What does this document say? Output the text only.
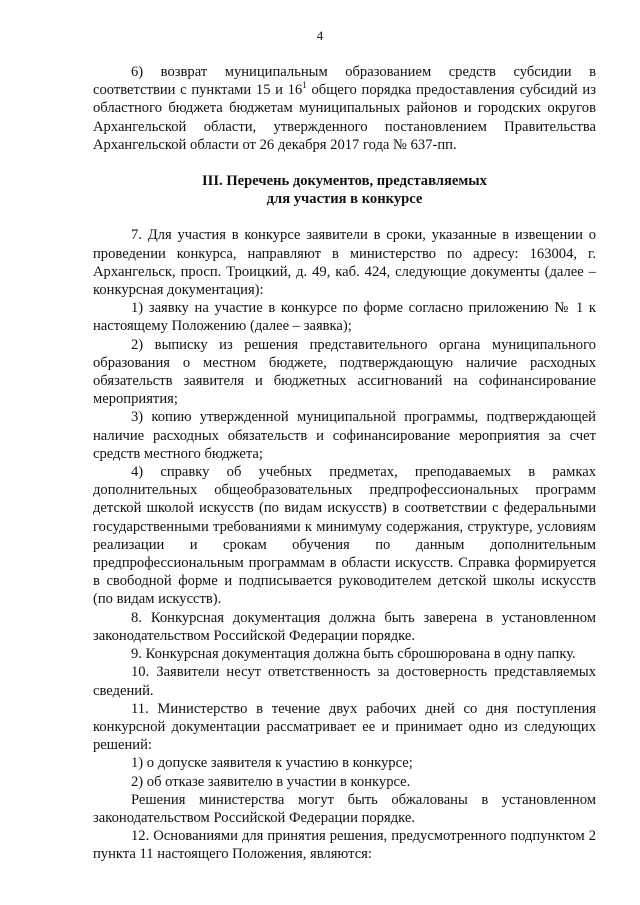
4

6) возврат муниципальным образованием средств субсидии в соответствии с пунктами 15 и $16^1$ общего порядка предоставления субсидий из областного бюджета бюджетам муниципальных районов и городских округов Архангельской области, утвержденного постановлением Правительства Архангельской области от 26 декабря 2017 года № 637-пп.

III. Перечень документов, представляемых

для участия в конкурсе

7. Для участия в конкурсе заявители в сроки, указанные в извещении о проведении конкурса, направляют в министерство по адресу: 163004, г. Архангельск, просп. Троицкий, д. 49, каб. 424, следующие документы (далее – конкурсная документация):

1) заявку на участие в конкурсе по форме согласно приложению № 1 к настоящему Положению (далее – заявка);

2) выписку из решения представительного органа муниципального образования о местном бюджете, подтверждающую наличие расходных обязательств заявителя и бюджетных ассигнований на софинансирование мероприятия;

3) копию утвержденной муниципальной программы, подтверждающей наличие расходных обязательств и софинансирование мероприятия за счет средств местного бюджета;

4) справку об учебных предметах, преподаваемых в рамках дополнительных общеобразовательных предпрофессиональных программ детской школой искусств (по видам искусств) в соответствии с федеральными государственными требованиями к минимуму содержания, структуре, условиям реализации и срокам обучения по данным дополнительным предпрофессиональным программам в области искусств. Справка формируется в свободной форме и подписывается руководителем детской школы искусств (по видам искусств).

8. Конкурсная документация должна быть заверена в установленном законодательством Российской Федерации порядке.

9. Конкурсная документация должна быть сброшюрована в одну папку.

10. Заявители несут ответственность за достоверность представляемых сведений.

11. Министерство в течение двух рабочих дней со дня поступления конкурсной документации рассматривает ее и принимает одно из следующих решений:

1) о допуске заявителя к участию в конкурсе;

2) об отказе заявителю в участии в конкурсе.

Решения министерства могут быть обжалованы в установленном законодательством Российской Федерации порядке.

12. Основаниями для принятия решения, предусмотренного подпунктом 2 пункта 11 настоящего Положения, являются:
